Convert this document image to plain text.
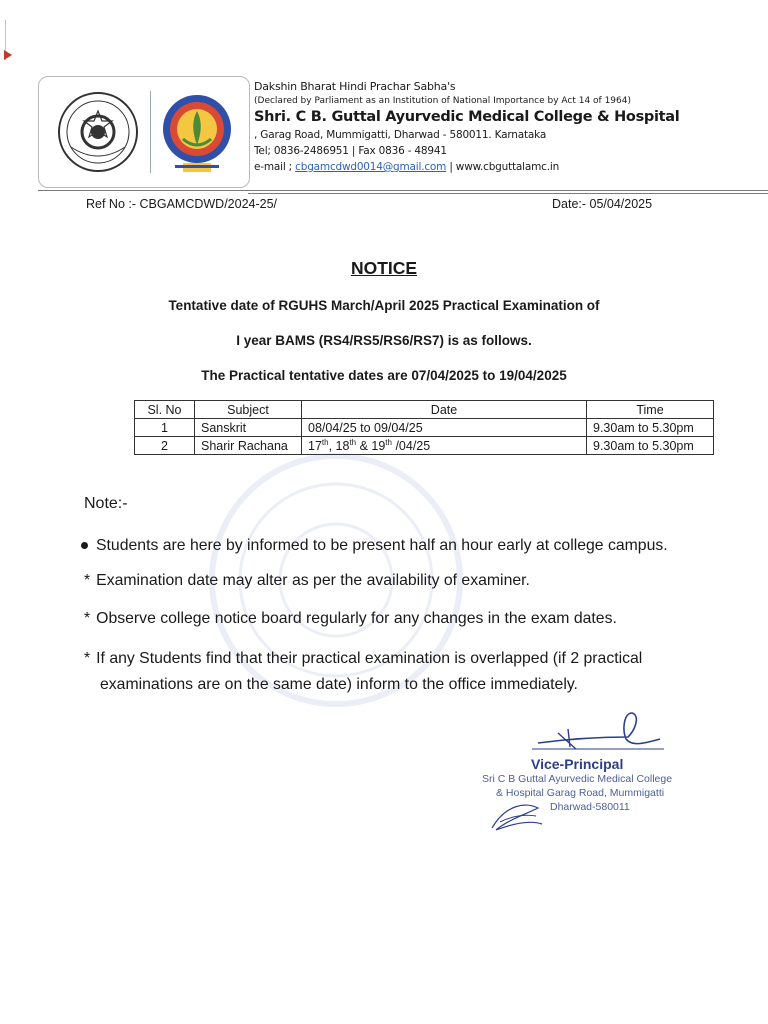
Dakshin Bharat Hindi Prachar Sabha's
(Declared by Parliament as an Institution of National Importance by Act 14 of 1964)
Shri. C B. Guttal Ayurvedic Medical College & Hospital
, Garag Road, Mummigatti, Dharwad - 580011. Karnataka
Tel; 0836-2486951 | Fax 0836 - 48941
e-mail ; cbgamcdwd0014@gmail.com | www.cbguttalamc.in
Ref No :- CBGAMCDWD/2024-25/	Date:- 05/04/2025
NOTICE
Tentative date of RGUHS March/April 2025 Practical Examination of
I year BAMS (RS4/RS5/RS6/RS7) is as follows.
The Practical tentative dates are 07/04/2025 to 19/04/2025
Sl. No	Subject	Date	Time
1	Sanskrit	08/04/25 to 09/04/25	9.30am to 5.30pm
2	Sharir Rachana	17th, 18th & 19th /04/25	9.30am to 5.30pm
Note:-
Students are here by informed to be present half an hour early at college campus.
* Examination date may alter as per the availability of examiner.
* Observe college notice board regularly for any changes in the exam dates.
* If any Students find that their practical examination is overlapped (if 2 practical
examinations are on the same date) inform to the office immediately.
Vice-Principal
Sri C B Guttal Ayurvedic Medical College
& Hospital Garag Road, Mummigatti
Dharwad-580011
